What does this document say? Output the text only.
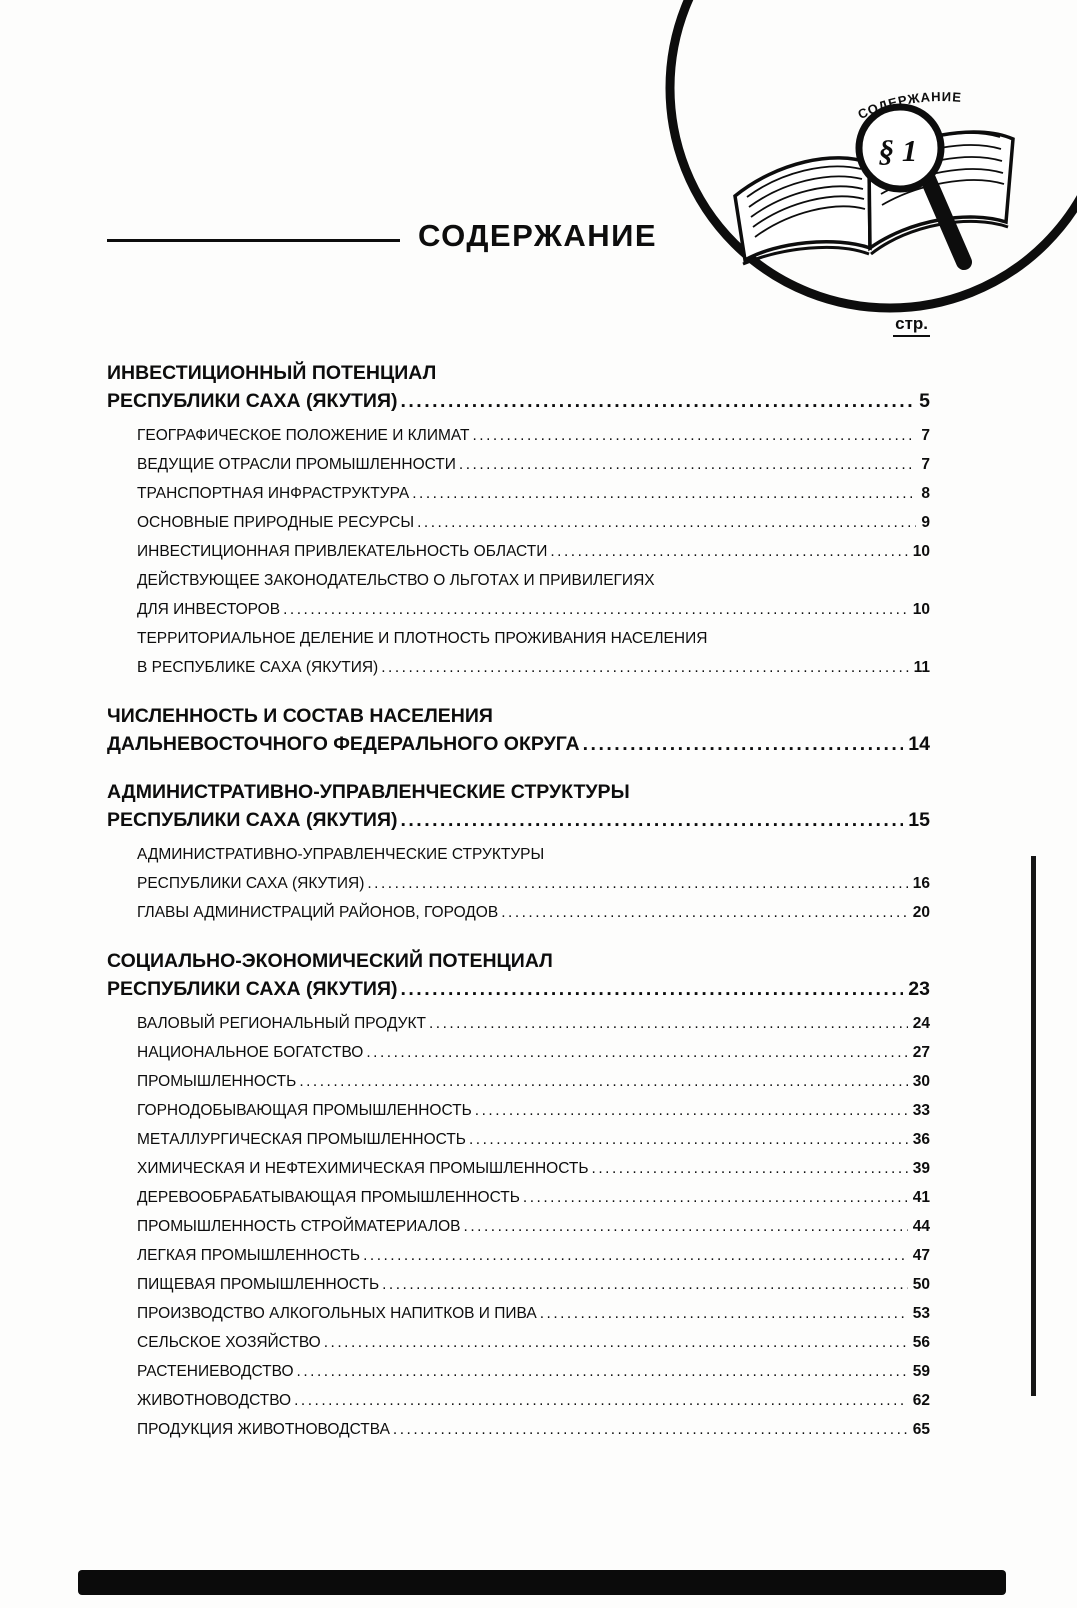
§ 1
СОДЕРЖАНИЕ
СОДЕРЖАНИЕ
стр.
ИНВЕСТИЦИОННЫЙ ПОТЕНЦИАЛ
РЕСПУБЛИКИ САХА (ЯКУТИЯ) .....	5
ГЕОГРАФИЧЕСКОЕ ПОЛОЖЕНИЕ И КЛИМАТ .....	7
ВЕДУЩИЕ ОТРАСЛИ ПРОМЫШЛЕННОСТИ .....	7
ТРАНСПОРТНАЯ ИНФРАСТРУКТУРА .....	8
ОСНОВНЫЕ ПРИРОДНЫЕ РЕСУРСЫ .....	9
ИНВЕСТИЦИОННАЯ ПРИВЛЕКАТЕЛЬНОСТЬ ОБЛАСТИ .....	10
ДЕЙСТВУЮЩЕЕ ЗАКОНОДАТЕЛЬСТВО О ЛЬГОТАХ И ПРИВИЛЕГИЯХ
ДЛЯ ИНВЕСТОРОВ .....	10
ТЕРРИТОРИАЛЬНОЕ ДЕЛЕНИЕ И ПЛОТНОСТЬ ПРОЖИВАНИЯ НАСЕЛЕНИЯ
В РЕСПУБЛИКЕ САХА (ЯКУТИЯ) .....	11
ЧИСЛЕННОСТЬ И СОСТАВ НАСЕЛЕНИЯ
ДАЛЬНЕВОСТОЧНОГО ФЕДЕРАЛЬНОГО ОКРУГА .....	14
АДМИНИСТРАТИВНО-УПРАВЛЕНЧЕСКИЕ СТРУКТУРЫ
РЕСПУБЛИКИ САХА (ЯКУТИЯ) .....	15
АДМИНИСТРАТИВНО-УПРАВЛЕНЧЕСКИЕ СТРУКТУРЫ
РЕСПУБЛИКИ САХА (ЯКУТИЯ) .....	16
ГЛАВЫ АДМИНИСТРАЦИЙ РАЙОНОВ, ГОРОДОВ .....	20
СОЦИАЛЬНО-ЭКОНОМИЧЕСКИЙ ПОТЕНЦИАЛ
РЕСПУБЛИКИ САХА (ЯКУТИЯ) .....	23
ВАЛОВЫЙ РЕГИОНАЛЬНЫЙ ПРОДУКТ .....	24
НАЦИОНАЛЬНОЕ БОГАТСТВО .....	27
ПРОМЫШЛЕННОСТЬ .....	30
ГОРНОДОБЫВАЮЩАЯ ПРОМЫШЛЕННОСТЬ .....	33
МЕТАЛЛУРГИЧЕСКАЯ ПРОМЫШЛЕННОСТЬ .....	36
ХИМИЧЕСКАЯ И НЕФТЕХИМИЧЕСКАЯ ПРОМЫШЛЕННОСТЬ .....	39
ДЕРЕВООБРАБАТЫВАЮЩАЯ ПРОМЫШЛЕННОСТЬ .....	41
ПРОМЫШЛЕННОСТЬ СТРОЙМАТЕРИАЛОВ .....	44
ЛЕГКАЯ ПРОМЫШЛЕННОСТЬ .....	47
ПИЩЕВАЯ ПРОМЫШЛЕННОСТЬ .....	50
ПРОИЗВОДСТВО АЛКОГОЛЬНЫХ НАПИТКОВ И ПИВА .....	53
СЕЛЬСКОЕ ХОЗЯЙСТВО .....	56
РАСТЕНИЕВОДСТВО .....	59
ЖИВОТНОВОДСТВО .....	62
ПРОДУКЦИЯ ЖИВОТНОВОДСТВА .....	65
